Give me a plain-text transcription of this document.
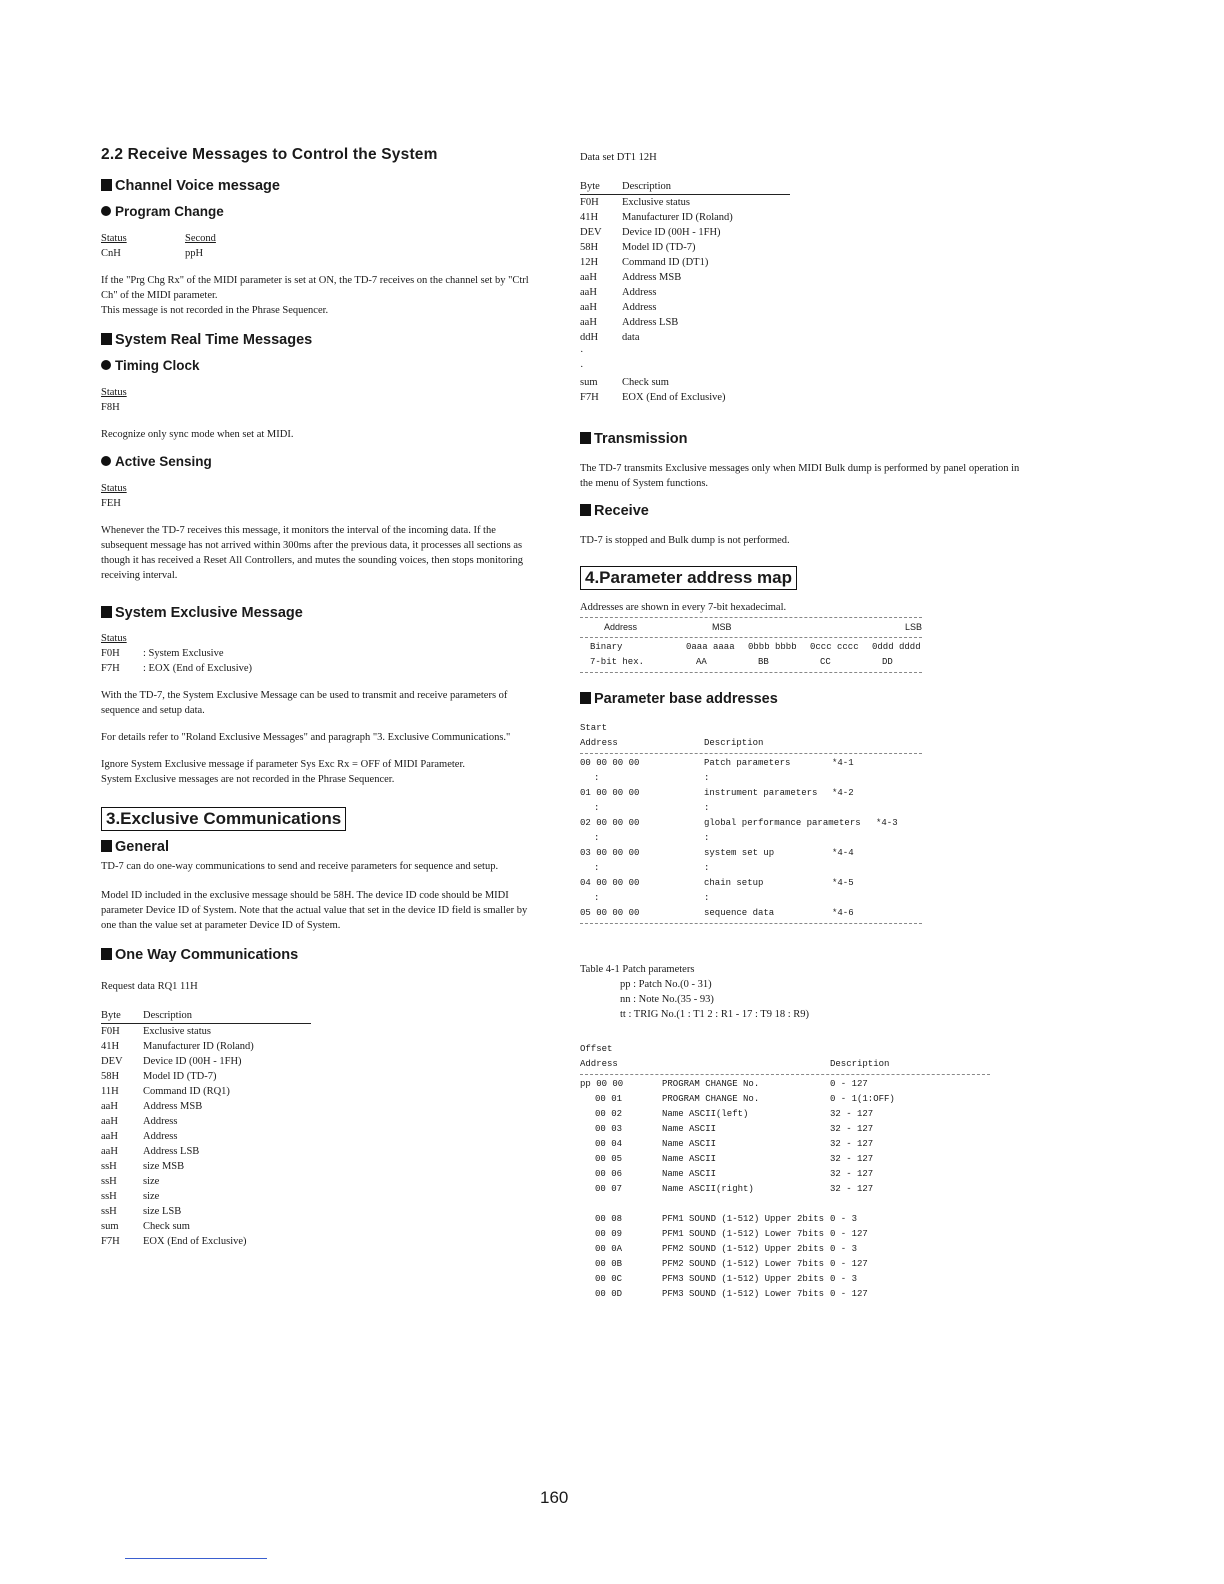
2.2 Receive Messages to Control the System
Channel Voice message
Program Change
Status	Second
CnH	ppH

If the "Prg Chg Rx" of the MIDI parameter is set at ON, the TD-7 receives on the channel set by "Ctrl Ch" of the MIDI parameter.
This message is not recorded in the Phrase Sequencer.

System Real Time Messages
Timing Clock
Status
F8H

Recognize only sync mode when set at MIDI.

Active Sensing
Status
FEH

Whenever the TD-7 receives this message, it monitors the interval of the incoming data. If the subsequent message has not arrived within 300ms after the previous data, it processes all sections as though it has received a Reset All Controllers, and mutes the sounding voices, then stops monitoring receiving interval.

System Exclusive Message
Status
F0H	: System Exclusive
F7H	: EOX (End of Exclusive)

With the TD-7, the System Exclusive Message can be used to transmit and receive parameters of sequence and setup data.

For details refer to "Roland Exclusive Messages" and paragraph "3. Exclusive Communications."

Ignore System Exclusive message if parameter Sys Exc Rx = OFF of MIDI Parameter.
System Exclusive messages are not recorded in the Phrase Sequencer.

3.Exclusive Communications
General

TD-7 can do one-way communications to send and receive parameters for sequence and setup.

Model ID included in the exclusive message should be 58H. The device ID code should be MIDI parameter Device ID of System. Note that the actual value that set in the device ID field is smaller by one than the value set at parameter Device ID of System.

One Way Communications
Request data RQ1 11H
Byte	Description
F0H	Exclusive status
41H	Manufacturer ID (Roland)
DEV	Device ID (00H - 1FH)
58H	Model ID (TD-7)
11H	Command ID (RQ1)
aaH	Address MSB
aaH	Address
aaH	Address
aaH	Address LSB
ssH	size MSB
ssH	size
ssH	size
ssH	size LSB
sum	Check sum
F7H	EOX (End of Exclusive)
Data set DT1 12H
Byte	Description
F0H	Exclusive status
41H	Manufacturer ID (Roland)
DEV	Device ID (00H - 1FH)
58H	Model ID (TD-7)
12H	Command ID (DT1)
aaH	Address MSB
aaH	Address
aaH	Address
aaH	Address LSB
ddH	data
·
·
sum	Check sum
F7H	EOX (End of Exclusive)
Transmission

The TD-7 transmits Exclusive messages only when MIDI Bulk dump is performed by panel operation in the menu of System functions.

Receive

TD-7 is stopped and Bulk dump is not performed.

4.Parameter address map

Addresses are shown in every 7-bit hexadecimal.

Address	MSB	LSB
Binary	0aaa aaaa	0bbb bbbb	0ccc cccc	0ddd dddd
7-bit hex.	AA	BB	CC	DD
Parameter base addresses
Start
Address	Description
00 00 00 00	Patch parameters	*4-1
:	:
01 00 00 00	instrument parameters	*4-2
:	:
02 00 00 00	global performance parameters	*4-3
:	:
03 00 00 00	system set up	*4-4
:	:
04 00 00 00	chain setup	*4-5
:	:
05 00 00 00	sequence data	*4-6
Table 4-1 Patch parameters
pp : Patch No.(0 - 31)
nn : Note No.(35 - 93)
tt : TRIG No.(1 : T1 2 : R1 - 17 : T9 18 : R9)
Offset
Address	Description
pp 00 00	PROGRAM CHANGE No.	0 - 127
00 01	PROGRAM CHANGE No.	0 - 1(1:OFF)
00 02	Name ASCII(left)	32 - 127
00 03	Name ASCII	32 - 127
00 04	Name ASCII	32 - 127
00 05	Name ASCII	32 - 127
00 06	Name ASCII	32 - 127
00 07	Name ASCII(right)	32 - 127
00 08	PFM1 SOUND (1-512) Upper 2bits 0 - 3
00 09	PFM1 SOUND (1-512) Lower 7bits 0 - 127
00 0A	PFM2 SOUND (1-512) Upper 2bits 0 - 3
00 0B	PFM2 SOUND (1-512) Lower 7bits 0 - 127
00 0C	PFM3 SOUND (1-512) Upper 2bits 0 - 3
00 0D	PFM3 SOUND (1-512) Lower 7bits 0 - 127
160
